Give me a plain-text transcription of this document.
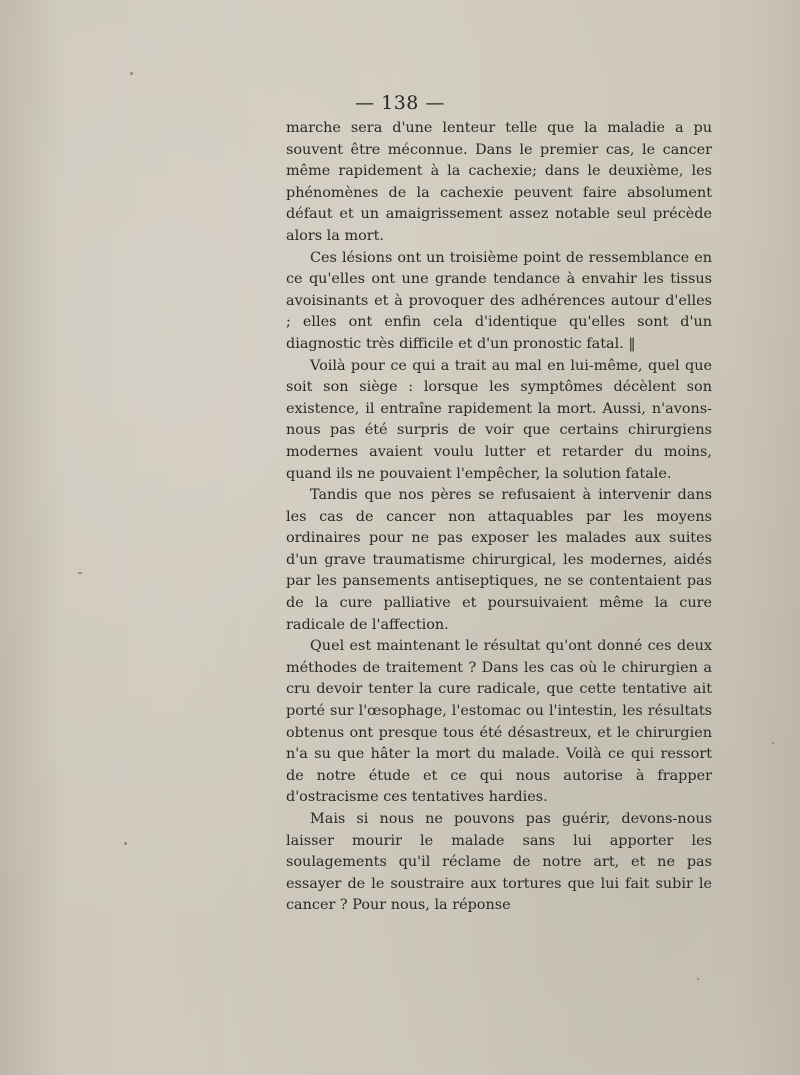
— 138 —

marche sera d'une lenteur telle que la maladie a pu souvent être méconnue. Dans le premier cas, le cancer même rapidement à la cachexie; dans le deuxième, les phénomènes de la cachexie peuvent faire absolument défaut et un amaigrissement assez notable seul précède alors la mort.

Ces lésions ont un troisième point de ressemblance en ce qu'elles ont une grande tendance à envahir les tissus avoisinants et à provoquer des adhérences autour d'elles ; elles ont enfin cela d'identique qu'elles sont d'un diagnostic très difficile et d'un pronostic fatal. ‖

Voilà pour ce qui a trait au mal en lui-même, quel que soit son siège : lorsque les symptômes décèlent son existence, il entraîne rapidement la mort. Aussi, n'avons-nous pas été surpris de voir que certains chirurgiens modernes avaient voulu lutter et retarder du moins, quand ils ne pouvaient l'empêcher, la solution fatale.

Tandis que nos pères se refusaient à intervenir dans les cas de cancer non attaquables par les moyens ordinaires pour ne pas exposer les malades aux suites d'un grave traumatisme chirurgical, les modernes, aidés par les pansements antiseptiques, ne se contentaient pas de la cure palliative et poursuivaient même la cure radicale de l'affection.

Quel est maintenant le résultat qu'ont donné ces deux méthodes de traitement ? Dans les cas où le chirurgien a cru devoir tenter la cure radicale, que cette tentative ait porté sur l'œsophage, l'estomac ou l'intestin, les résultats obtenus ont presque tous été désastreux, et le chirurgien n'a su que hâter la mort du malade. Voilà ce qui ressort de notre étude et ce qui nous autorise à frapper d'ostracisme ces tentatives hardies.

Mais si nous ne pouvons pas guérir, devons-nous laisser mourir le malade sans lui apporter les soulagements qu'il réclame de notre art, et ne pas essayer de le soustraire aux tortures que lui fait subir le cancer ? Pour nous, la réponse
